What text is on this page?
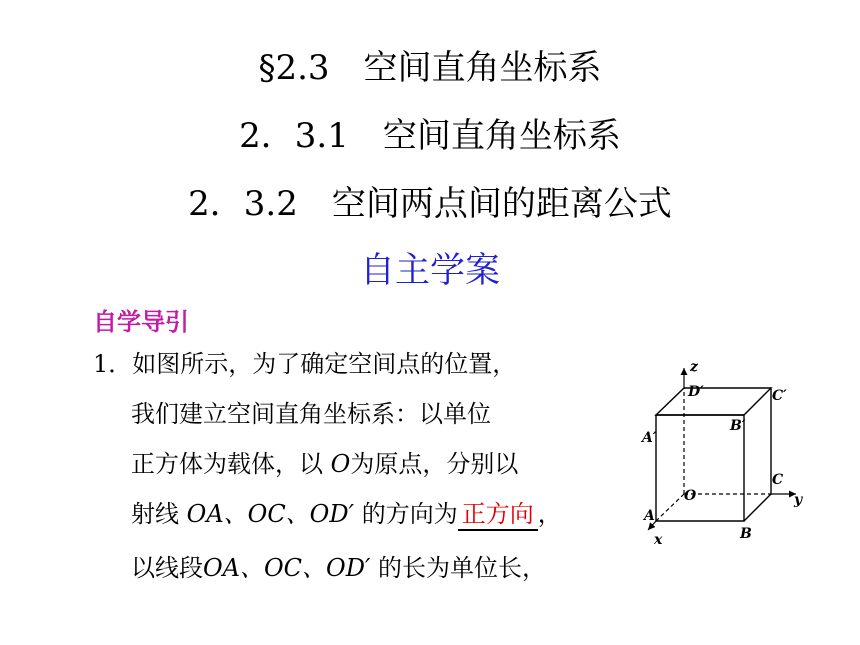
§2.3　空间直角坐标系
2．3.1　空间直角坐标系
2．3.2　空间两点间的距离公式
自主学案
自学导引
1．如图所示，为了确定空间点的位置，
我们建立空间直角坐标系：以单位
正方体为载体，以 O为原点，分别以
射线 OA、OC、OD′ 的方向为 正方向 ，
以线段OA、OC、OD′ 的长为单位长，
z
D′	C′
B′
A′
C
O	y
A
B
x
